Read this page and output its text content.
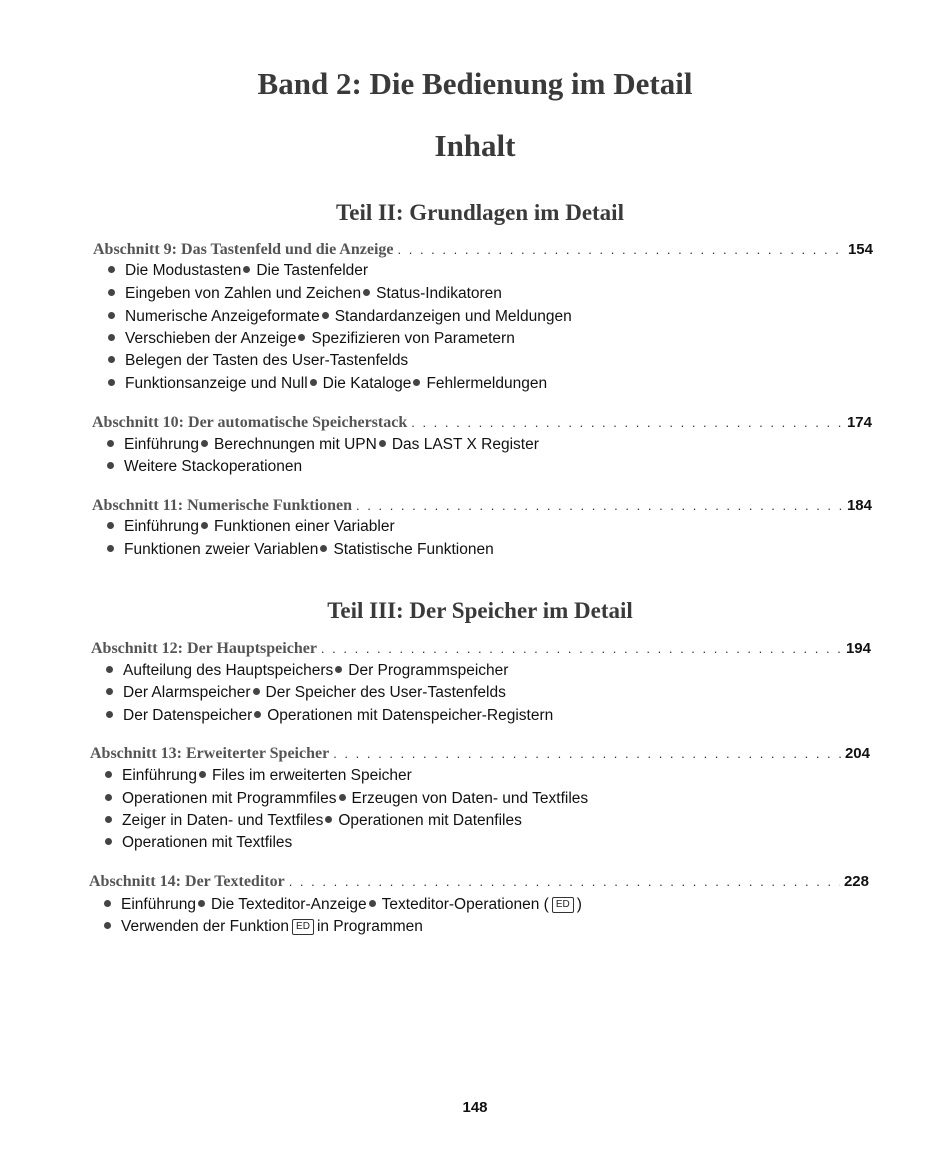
Band 2: Die Bedienung im Detail
Inhalt
Teil II: Grundlagen im Detail
Abschnitt 9: Das Tastenfeld und die Anzeige . . .	154
Die Modustasten Die Tastenfelder
Eingeben von Zahlen und Zeichen Status-Indikatoren
Numerische Anzeigeformate Standardanzeigen und Meldungen
Verschieben der Anzeige Spezifizieren von Parametern
Belegen der Tasten des User-Tastenfelds
Funktionsanzeige und Null Die Kataloge Fehlermeldungen
Abschnitt 10: Der automatische Speicherstack . . .	174
Einführung Berechnungen mit UPN Das LAST X Register
Weitere Stackoperationen
Abschnitt 11: Numerische Funktionen . . .	184
Einführung Funktionen einer Variabler
Funktionen zweier Variablen Statistische Funktionen
Teil III: Der Speicher im Detail
Abschnitt 12: Der Hauptspeicher . . .	194
Aufteilung des Hauptspeichers Der Programmspeicher
Der Alarmspeicher Der Speicher des User-Tastenfelds
Der Datenspeicher Operationen mit Datenspeicher-Registern
Abschnitt 13: Erweiterter Speicher . . .	204
Einführung Files im erweiterten Speicher
Operationen mit Programmfiles Erzeugen von Daten- und Textfiles
Zeiger in Daten- und Textfiles Operationen mit Datenfiles
Operationen mit Textfiles
Abschnitt 14: Der Texteditor . . .	228
Einführung Die Texteditor-Anzeige Texteditor-Operationen ( ED )
Verwenden der Funktion ED in Programmen
148
